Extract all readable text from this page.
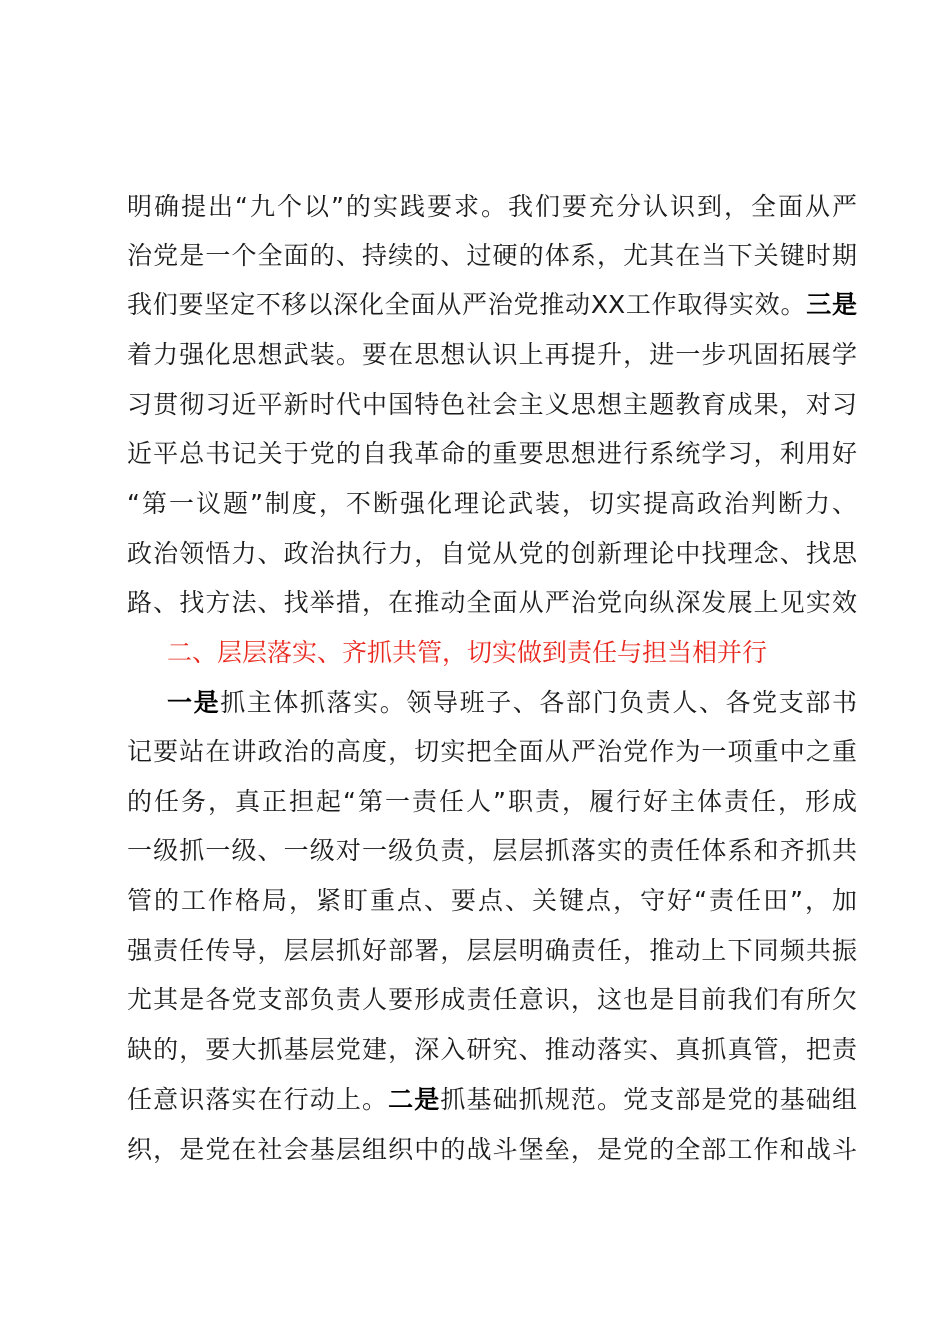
明确提出“九个以”的实践要求。我们要充分认识到，全面从严
治党是一个全面的、持续的、过硬的体系，尤其在当下关键时期
我们要坚定不移以深化全面从严治党推动XX工作取得实效。三是
着力强化思想武装。要在思想认识上再提升，进一步巩固拓展学
习贯彻习近平新时代中国特色社会主义思想主题教育成果，对习
近平总书记关于党的自我革命的重要思想进行系统学习，利用好
“第一议题”制度，不断强化理论武装，切实提高政治判断力、
政治领悟力、政治执行力，自觉从党的创新理论中找理念、找思
路、找方法、找举措，在推动全面从严治党向纵深发展上见实效
二、层层落实、齐抓共管，切实做到责任与担当相并行
一是抓主体抓落实。领导班子、各部门负责人、各党支部书
记要站在讲政治的高度，切实把全面从严治党作为一项重中之重
的任务，真正担起“第一责任人”职责，履行好主体责任，形成
一级抓一级、一级对一级负责，层层抓落实的责任体系和齐抓共
管的工作格局，紧盯重点、要点、关键点，守好“责任田”，加
强责任传导，层层抓好部署，层层明确责任，推动上下同频共振
尤其是各党支部负责人要形成责任意识，这也是目前我们有所欠
缺的，要大抓基层党建，深入研究、推动落实、真抓真管，把责
任意识落实在行动上。二是抓基础抓规范。党支部是党的基础组
织，是党在社会基层组织中的战斗堡垒，是党的全部工作和战斗
